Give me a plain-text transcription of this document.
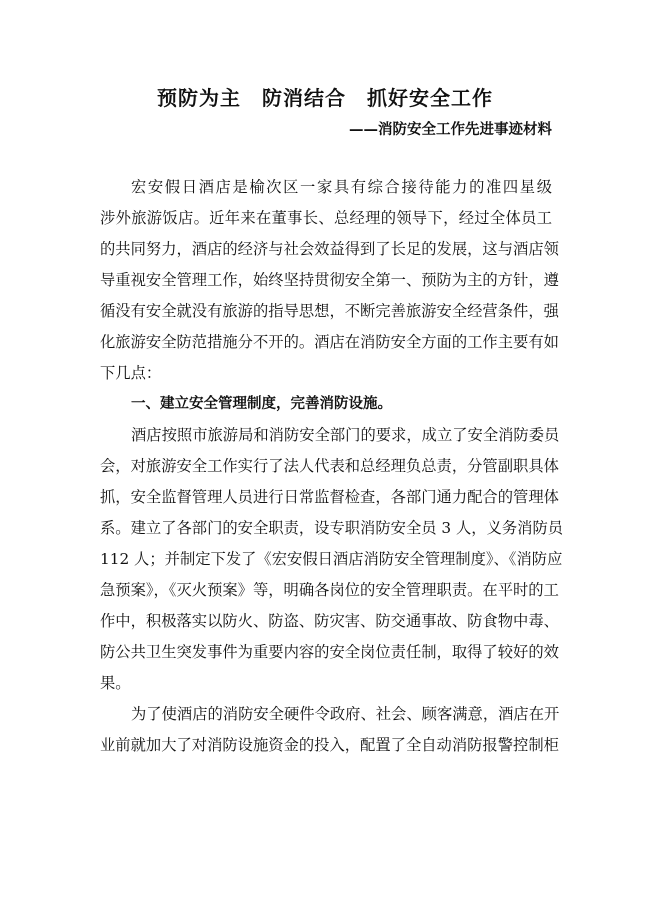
预防为主　防消结合　抓好安全工作

——消防安全工作先进事迹材料

宏安假日酒店是榆次区一家具有综合接待能力的准四星级
涉外旅游饭店。近年来在董事长、总经理的领导下，经过全体员工
的共同努力，酒店的经济与社会效益得到了长足的发展，这与酒店领
导重视安全管理工作，始终坚持贯彻安全第一、预防为主的方针，遵
循没有安全就没有旅游的指导思想，不断完善旅游安全经营条件，强
化旅游安全防范措施分不开的。酒店在消防安全方面的工作主要有如
下几点：
一、建立安全管理制度，完善消防设施。
酒店按照市旅游局和消防安全部门的要求，成立了安全消防委员
会，对旅游安全工作实行了法人代表和总经理负总责，分管副职具体
抓，安全监督管理人员进行日常监督检查，各部门通力配合的管理体
系。建立了各部门的安全职责，设专职消防安全员 3 人，义务消防员
112 人；并制定下发了《宏安假日酒店消防安全管理制度》、《消防应
急预案》，《灭火预案》等，明确各岗位的安全管理职责。在平时的工
作中，积极落实以防火、防盗、防灾害、防交通事故、防食物中毒、
防公共卫生突发事件为重要内容的安全岗位责任制，取得了较好的效
果。
为了使酒店的消防安全硬件令政府、社会、顾客满意，酒店在开
业前就加大了对消防设施资金的投入，配置了全自动消防报警控制柜
